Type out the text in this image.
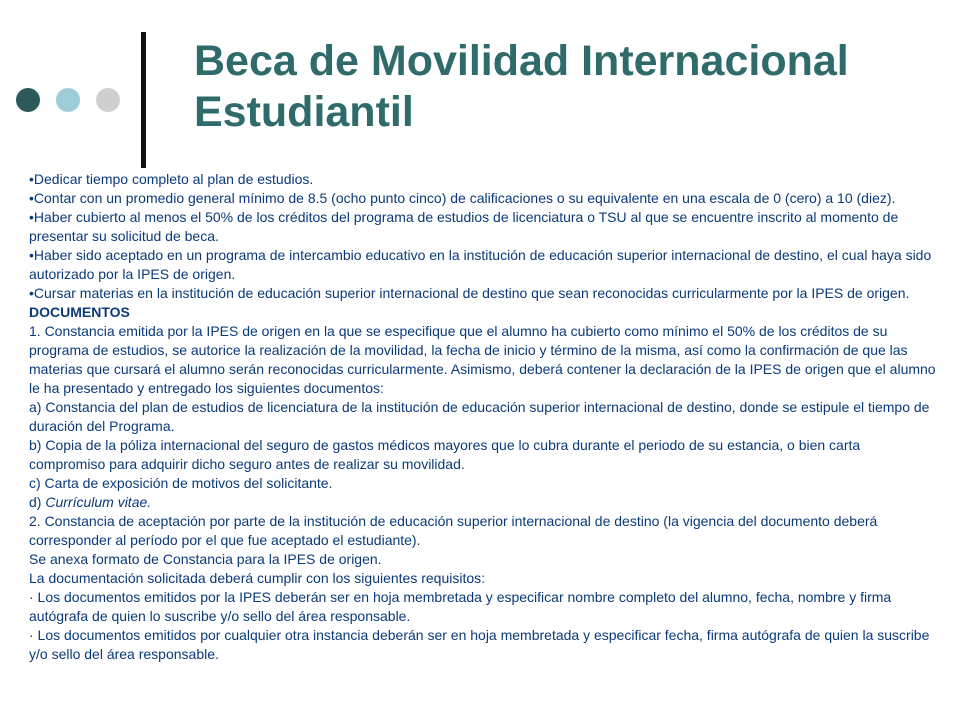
Beca de Movilidad Internacional Estudiantil

•Dedicar tiempo completo al plan de estudios.

•Contar con un promedio general mínimo de 8.5 (ocho punto cinco) de calificaciones o su equivalente en una escala de 0 (cero) a 10 (diez).

•Haber cubierto al menos el 50% de los créditos del programa de estudios de licenciatura o TSU al que se encuentre inscrito al momento de presentar su solicitud de beca.

•Haber sido aceptado en un programa de intercambio educativo en la institución de educación superior internacional de destino, el cual haya sido autorizado por la IPES de origen.

•Cursar materias en la institución de educación superior internacional de destino que sean reconocidas curricularmente por la IPES de origen.

DOCUMENTOS

1. Constancia emitida por la IPES de origen en la que se especifique que el alumno ha cubierto como mínimo el 50% de los créditos de su programa de estudios, se autorice la realización de la movilidad, la fecha de inicio y término de la misma, así como la confirmación de que las materias que cursará el alumno serán reconocidas curricularmente. Asimismo, deberá contener la declaración de la IPES de origen que el alumno le ha presentado y entregado los siguientes documentos:

a) Constancia del plan de estudios de licenciatura de la institución de educación superior internacional de destino, donde se estipule el tiempo de duración del Programa.

b) Copia de la póliza internacional del seguro de gastos médicos mayores que lo cubra durante el periodo de su estancia, o bien carta compromiso para adquirir dicho seguro antes de realizar su movilidad.

c) Carta de exposición de motivos del solicitante.

d) Currículum vitae.

2. Constancia de aceptación por parte de la institución de educación superior internacional de destino (la vigencia del documento deberá corresponder al período por el que fue aceptado el estudiante).

Se anexa formato de Constancia para la IPES de origen.

La documentación solicitada deberá cumplir con los siguientes requisitos:

· Los documentos emitidos por la IPES deberán ser en hoja membretada y especificar nombre completo del alumno, fecha, nombre y firma autógrafa de quien lo suscribe y/o sello del área responsable.

· Los documentos emitidos por cualquier otra instancia deberán ser en hoja membretada y especificar fecha, firma autógrafa de quien la suscribe y/o sello del área responsable.
